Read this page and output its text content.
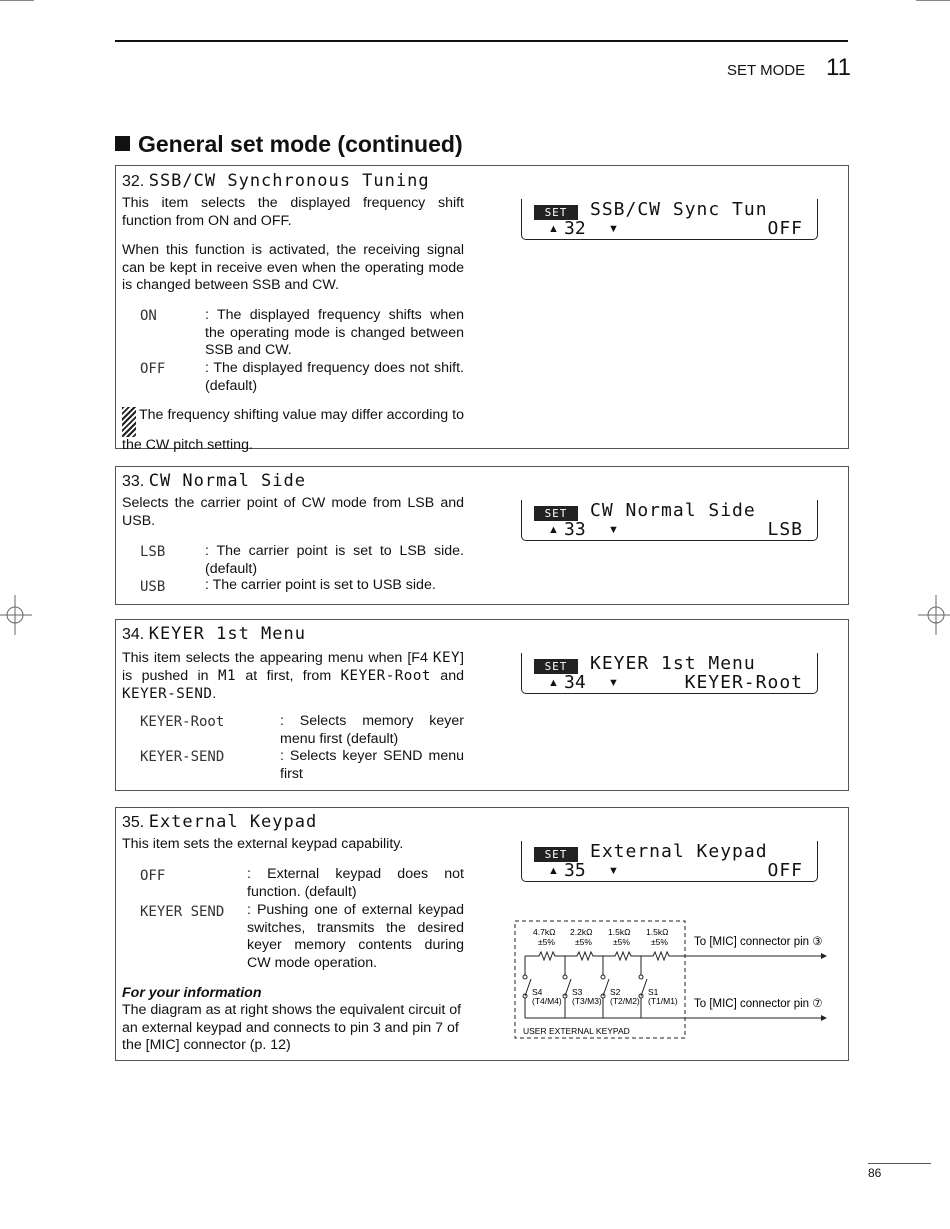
SET MODE 11
General set mode (continued)
32. SSB/CW Synchronous Tuning
This item selects the displayed frequency shift function from ON and OFF.
When this function is activated, the receiving signal can be kept in receive even when the operating mode is changed between SSB and CW.
ON	: The displayed frequency shifts when the operating mode is changed between SSB and CW.
OFF	: The displayed frequency does not shift. (default)
The frequency shifting value may differ according to the CW pitch setting.
SET	SSB/CW Sync Tun
▲ 32 ▼	OFF
33. CW Normal Side
Selects the carrier point of CW mode from LSB and USB.
LSB	: The carrier point is set to LSB side. (default)
USB	: The carrier point is set to USB side.
SET	CW Normal Side
▲ 33 ▼	LSB
34. KEYER 1st Menu
This item selects the appearing menu when [F4 KEY] is pushed in M1 at first, from KEYER-Root and KEYER-SEND.
KEYER-Root	: Selects memory keyer menu first (default)
KEYER-SEND	: Selects keyer SEND menu first
SET	KEYER 1st Menu
▲ 34 ▼	KEYER-Root
35. External Keypad
This item sets the external keypad capability.
OFF	: External keypad does not function. (default)
KEYER SEND : Pushing one of external keypad switches, transmits the desired keyer memory contents during CW mode operation.
For your information
The diagram as at right shows the equivalent circuit of an external keypad and connects to pin 3 and pin 7 of the [MIC] connector (p. 12)
SET	External Keypad
▲ 35 ▼	OFF
4.7kΩ
±5%
2.2kΩ
±5%
1.5kΩ
±5%
1.5kΩ
±5%
S4
(T4/M4)
S3
(T3/M3)
S2
(T2/M2)
S1
(T1/M1)
USER EXTERNAL KEYPAD
To [MIC] connector pin ③
To [MIC] connector pin ⑦
86
